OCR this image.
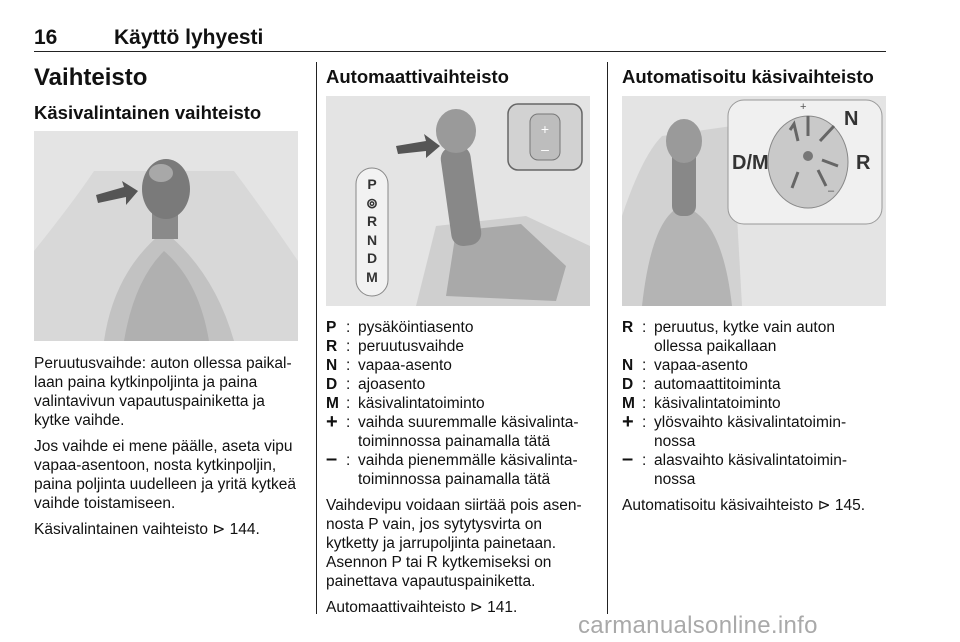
16	Käyttö lyhyesti
Vaihteisto
Käsivalintainen vaihteisto

Peruutusvaihde: auton ollessa paikal-laan paina kytkinpoljinta ja paina valintavivun vapautuspainiketta ja kytke vaihde.

Jos vaihde ei mene päälle, aseta vipu vapaa-asentoon, nosta kytkinpoljin, paina poljinta uudelleen ja yritä kytkeä vaihde toistamiseen.

Käsivalintainen vaihteisto ⊳ 144.

Automaattivaihteisto
+
–
P
⊚
R
N
D
M
P : pysäköintiasento
R : peruutusvaihde
N : vapaa-asento
D : ajoasento
M : käsivalintatoiminto
+ : vaihda suuremmalle käsivalinta-toiminnossa painamalla tätä
– : vaihda pienemmälle käsivalinta-toiminnossa painamalla tätä

Vaihdevipu voidaan siirtää pois asen-nosta P vain, jos sytytysvirta on kytketty ja jarrupoljinta painetaan. Asennon P tai R kytkemiseksi on painettava vapautuspainiketta.

Automaattivaihteisto ⊳ 141.

Automatisoitu käsivaihteisto
+
–
D/M
N
R
R : peruutus, kytke vain auton ollessa paikallaan
N : vapaa-asento
D : automaattitoiminta
M : käsivalintatoiminto
+ : ylösvaihto käsivalintatoimin-nossa
– : alasvaihto käsivalintatoimin-nossa

Automatisoitu käsivaihteisto ⊳ 145.

carmanualsonline.info
